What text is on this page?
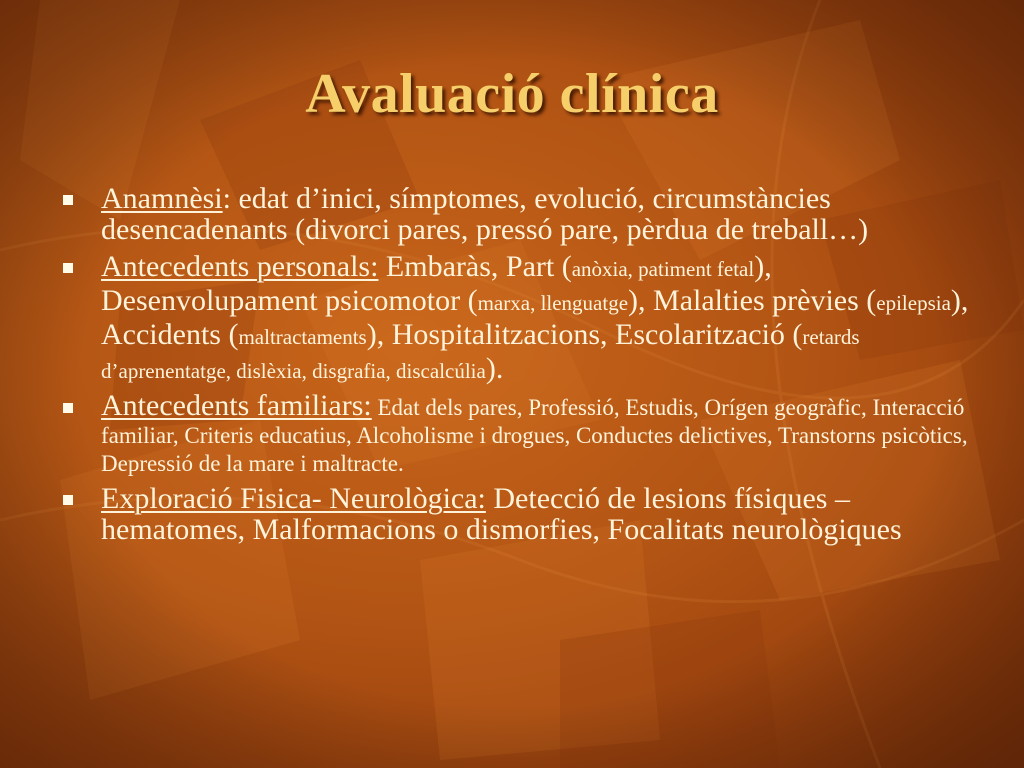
Avaluació clínica
Anamnèsi: edat d’inici, símptomes, evolució, circumstàncies desencadenants (divorci pares, pressó pare, pèrdua de treball…)
Antecedents personals: Embaràs, Part (anòxia, patiment fetal), Desenvolupament psicomotor (marxa, llenguatge), Malalties prèvies (epilepsia), Accidents (maltractaments), Hospitalitzacions, Escolarització (retards d’aprenentatge, dislèxia, disgrafia, discalcúlia).
Antecedents familiars: Edat dels pares, Professió, Estudis, Orígen geogràfic, Interacció familiar, Criteris educatius, Alcoholisme i drogues, Conductes delictives, Transtorns psicòtics, Depressió de la mare i maltracte.
Exploració Fisica- Neurològica: Detecció de lesions físiques – hematomes, Malformacions o dismorfies, Focalitats neurològiques
